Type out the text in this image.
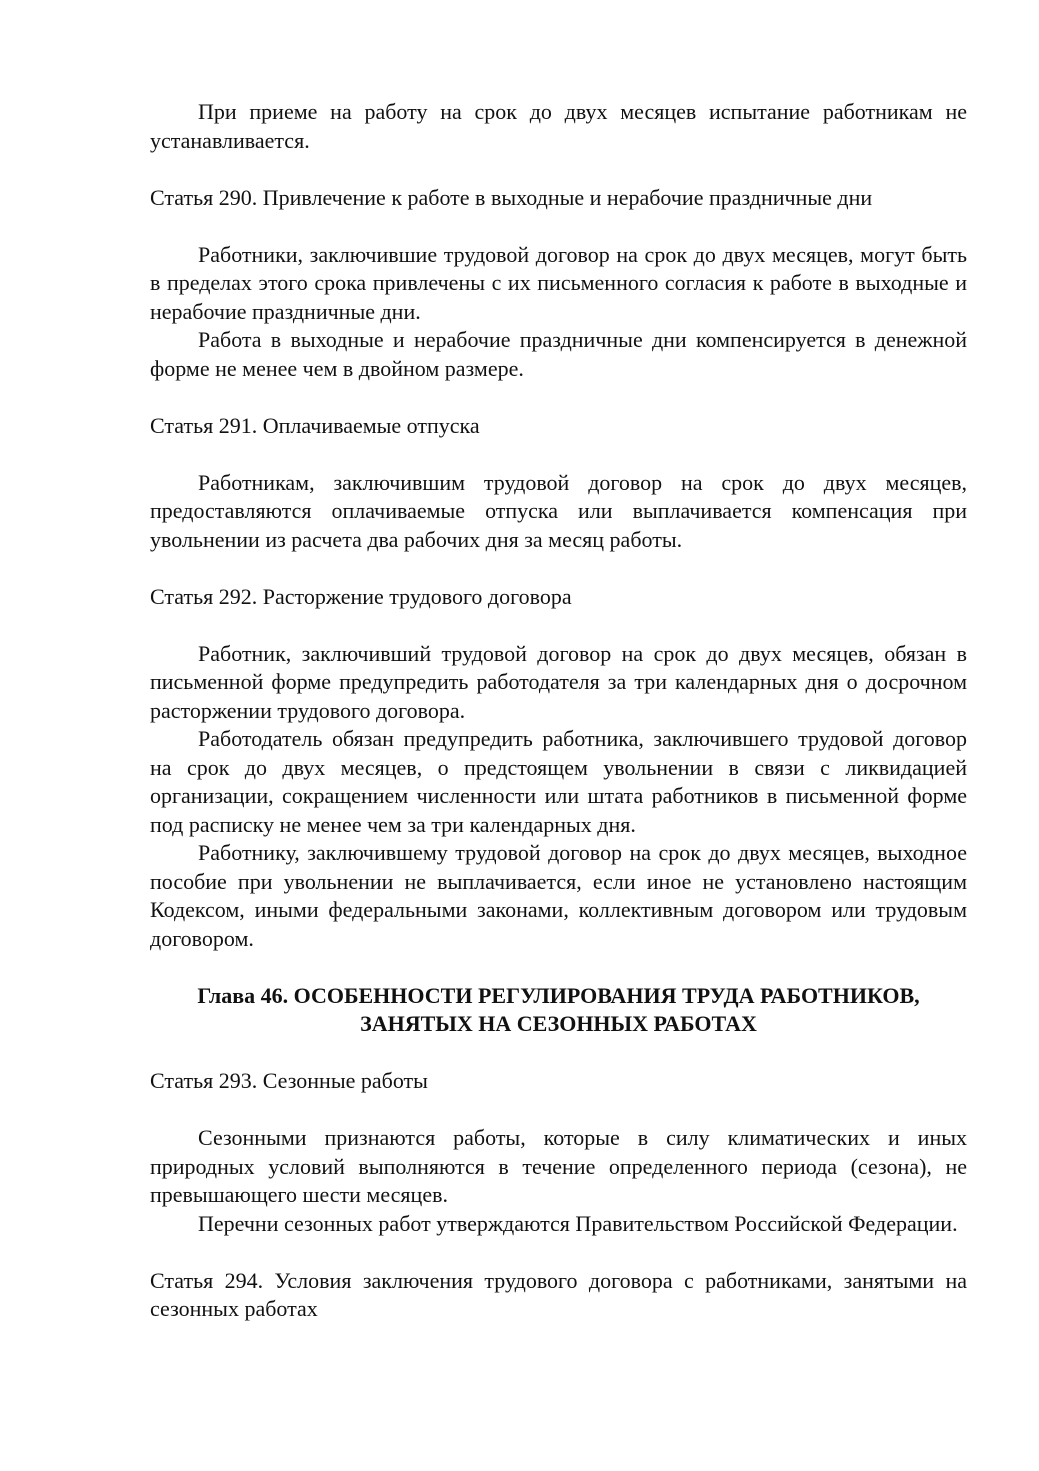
При приеме на работу на срок до двух месяцев испытание работникам не устанавливается.

Статья 290. Привлечение к работе в выходные и нерабочие праздничные дни

Работники, заключившие трудовой договор на срок до двух месяцев, могут быть в пределах этого срока привлечены с их письменного согласия к работе в выходные и нерабочие праздничные дни.

Работа в выходные и нерабочие праздничные дни компенсируется в денежной форме не менее чем в двойном размере.

Статья 291. Оплачиваемые отпуска

Работникам, заключившим трудовой договор на срок до двух месяцев, предоставляются оплачиваемые отпуска или выплачивается компенсация при увольнении из расчета два рабочих дня за месяц работы.

Статья 292. Расторжение трудового договора

Работник, заключивший трудовой договор на срок до двух месяцев, обязан в письменной форме предупредить работодателя за три календарных дня о досрочном расторжении трудового договора.

Работодатель обязан предупредить работника, заключившего трудовой договор на срок до двух месяцев, о предстоящем увольнении в связи с ликвидацией организации, сокращением численности или штата работников в письменной форме под расписку не менее чем за три календарных дня.

Работнику, заключившему трудовой договор на срок до двух месяцев, выходное пособие при увольнении не выплачивается, если иное не установлено настоящим Кодексом, иными федеральными законами, коллективным договором или трудовым договором.

Глава 46. ОСОБЕННОСТИ РЕГУЛИРОВАНИЯ ТРУДА РАБОТНИКОВ,
ЗАНЯТЫХ НА СЕЗОННЫХ РАБОТАХ

Статья 293. Сезонные работы

Сезонными признаются работы, которые в силу климатических и иных природных условий выполняются в течение определенного периода (сезона), не превышающего шести месяцев.

Перечни сезонных работ утверждаются Правительством Российской Федерации.

Статья 294. Условия заключения трудового договора с работниками, занятыми на сезонных работах
